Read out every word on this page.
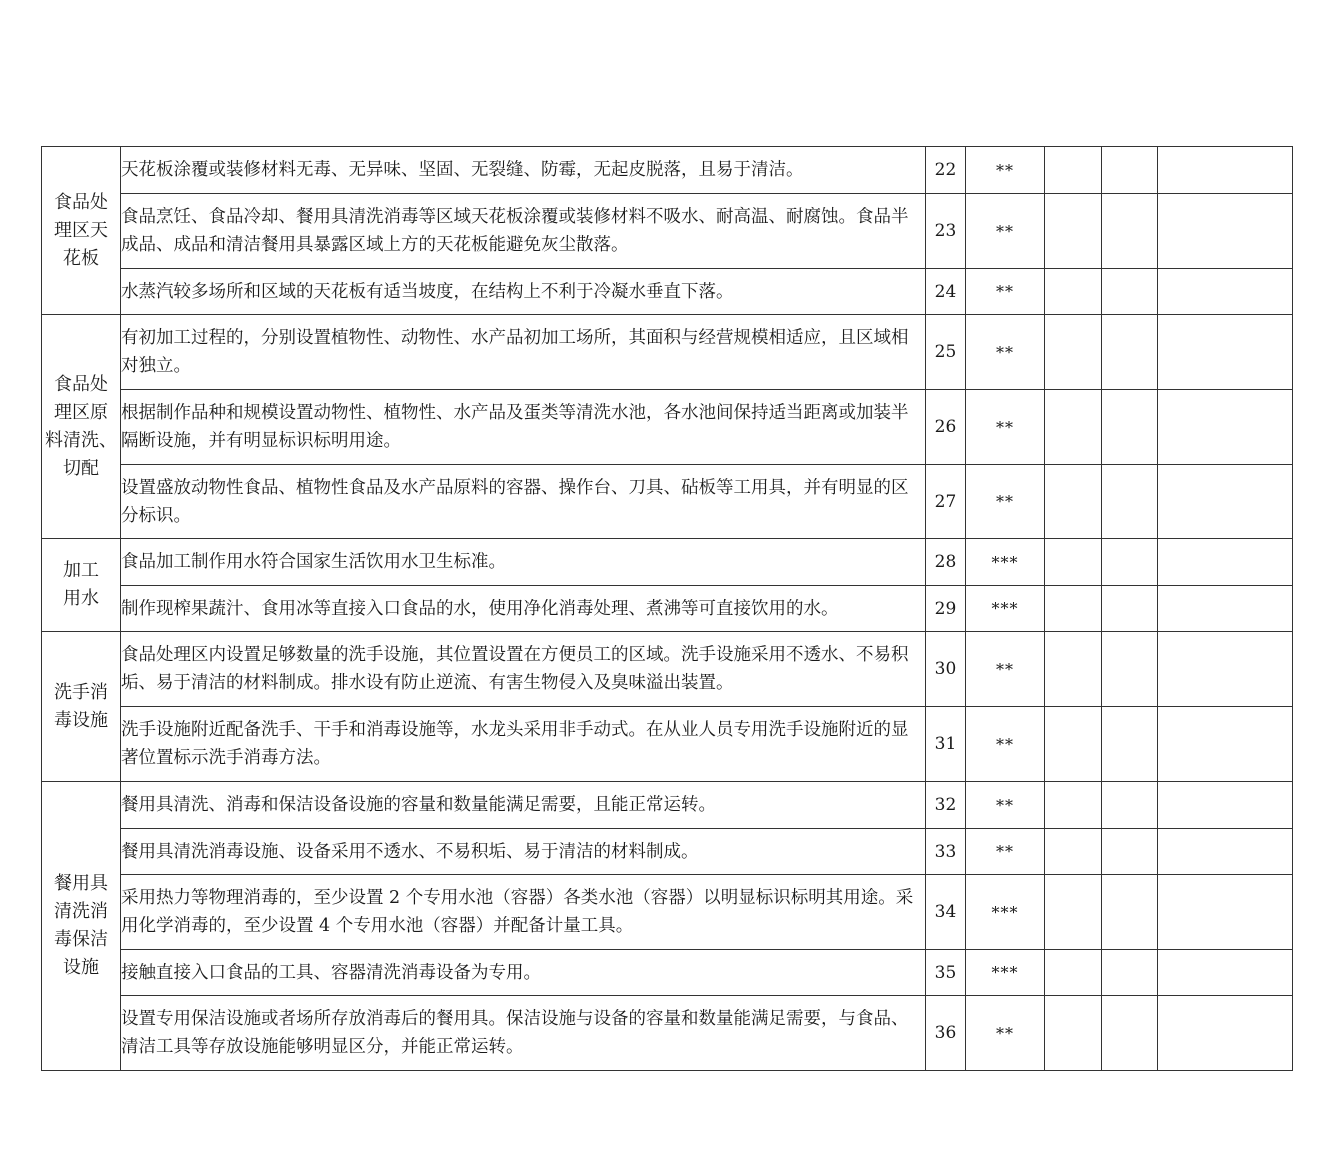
食品处
理区天
花板	天花板涂覆或装修材料无毒、无异味、坚固、无裂缝、防霉，无起皮脱落，且易于清洁。	22	**			
	食品烹饪、食品冷却、餐用具清洗消毒等区域天花板涂覆或装修材料不吸水、耐高温、耐腐蚀。食品半成品、成品和清洁餐用具暴露区域上方的天花板能避免灰尘散落。	23	**			
	水蒸汽较多场所和区域的天花板有适当坡度，在结构上不利于冷凝水垂直下落。	24	**			
食品处
理区原
料清洗、
切配	有初加工过程的，分别设置植物性、动物性、水产品初加工场所，其面积与经营规模相适应，且区域相对独立。	25	**			
	根据制作品种和规模设置动物性、植物性、水产品及蛋类等清洗水池，各水池间保持适当距离或加装半隔断设施，并有明显标识标明用途。	26	**			
	设置盛放动物性食品、植物性食品及水产品原料的容器、操作台、刀具、砧板等工用具，并有明显的区分标识。	27	**			
加工
用水	食品加工制作用水符合国家生活饮用水卫生标准。	28	***			
	制作现榨果蔬汁、食用冰等直接入口食品的水，使用净化消毒处理、煮沸等可直接饮用的水。	29	***			
洗手消
毒设施	食品处理区内设置足够数量的洗手设施，其位置设置在方便员工的区域。洗手设施采用不透水、不易积垢、易于清洁的材料制成。排水设有防止逆流、有害生物侵入及臭味溢出装置。	30	**			
	洗手设施附近配备洗手、干手和消毒设施等，水龙头采用非手动式。在从业人员专用洗手设施附近的显著位置标示洗手消毒方法。	31	**			
餐用具
清洗消
毒保洁
设施	餐用具清洗、消毒和保洁设备设施的容量和数量能满足需要，且能正常运转。	32	**			
	餐用具清洗消毒设施、设备采用不透水、不易积垢、易于清洁的材料制成。	33	**			
	采用热力等物理消毒的，至少设置 2 个专用水池（容器）各类水池（容器）以明显标识标明其用途。采用化学消毒的，至少设置 4 个专用水池（容器）并配备计量工具。	34	***			
	接触直接入口食品的工具、容器清洗消毒设备为专用。	35	***			
	设置专用保洁设施或者场所存放消毒后的餐用具。保洁设施与设备的容量和数量能满足需要，与食品、清洁工具等存放设施能够明显区分，并能正常运转。	36	**			
